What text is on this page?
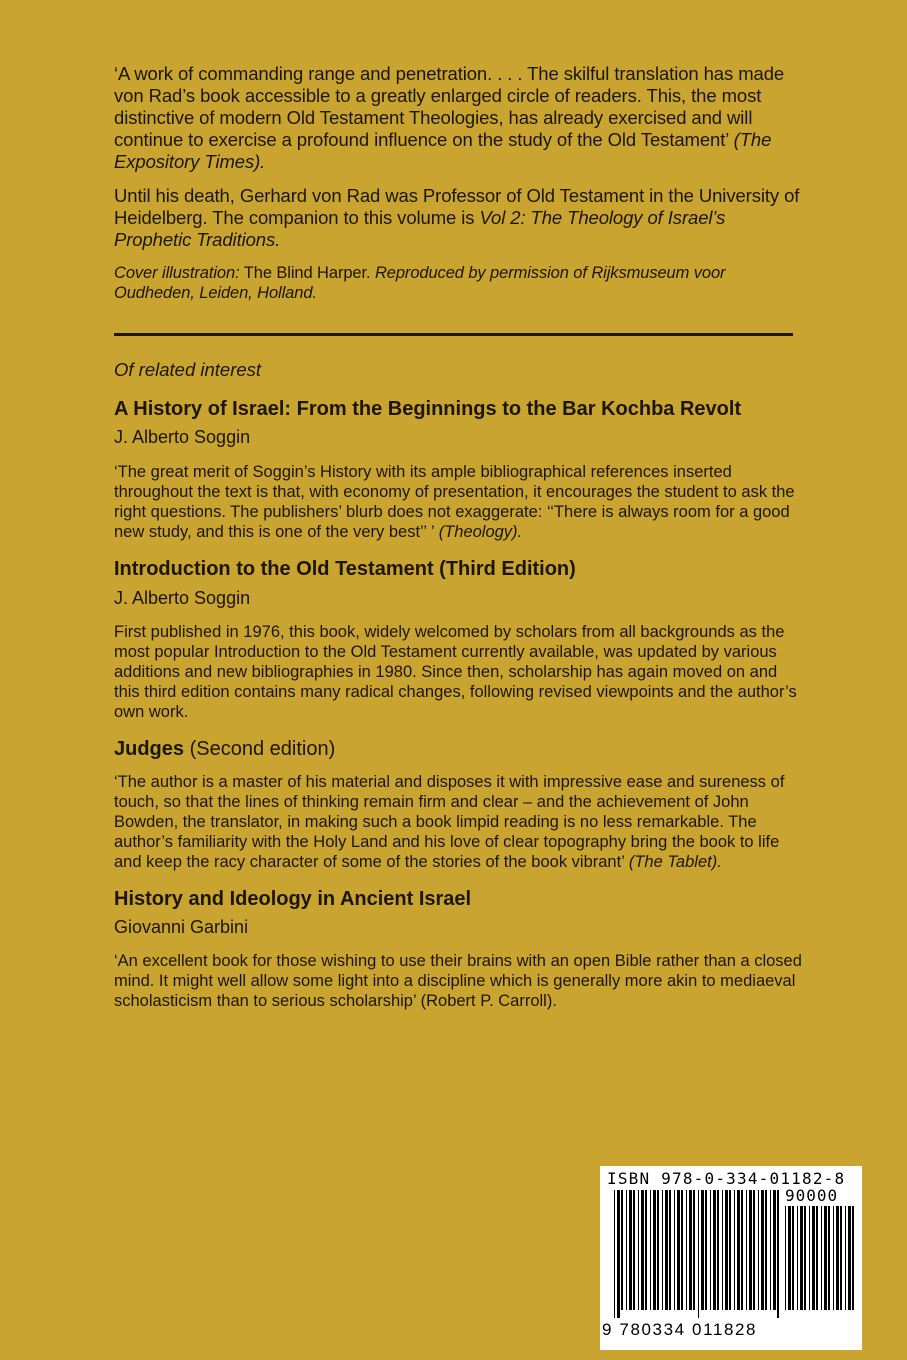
‘A work of commanding range and penetration. . . . The skilful translation has made von Rad’s book accessible to a greatly enlarged circle of readers. This, the most distinctive of modern Old Testament Theologies, has already exercised and will continue to exercise a profound influence on the study of the Old Testament’ (The Expository Times).
Until his death, Gerhard von Rad was Professor of Old Testament in the University of Heidelberg. The companion to this volume is Vol 2: The Theology of Israel’s Prophetic Traditions.
Cover illustration: The Blind Harper. Reproduced by permission of Rijksmuseum voor Oudheden, Leiden, Holland.
Of related interest
A History of Israel: From the Beginnings to the Bar Kochba Revolt
J. Alberto Soggin
‘The great merit of Soggin’s History with its ample bibliographical references inserted throughout the text is that, with economy of presentation, it encourages the student to ask the right questions. The publishers’ blurb does not exaggerate: ‘‘There is always room for a good new study, and this is one of the very best’’ ’ (Theology).
Introduction to the Old Testament (Third Edition)
J. Alberto Soggin
First published in 1976, this book, widely welcomed by scholars from all backgrounds as the most popular Introduction to the Old Testament currently available, was updated by various additions and new bibliographies in 1980. Since then, scholarship has again moved on and this third edition contains many radical changes, following revised viewpoints and the author’s own work.
Judges (Second edition)
‘The author is a master of his material and disposes it with impressive ease and sureness of touch, so that the lines of thinking remain firm and clear – and the achievement of John Bowden, the translator, in making such a book limpid reading is no less remarkable. The author’s familiarity with the Holy Land and his love of clear topography bring the book to life and keep the racy character of some of the stories of the book vibrant’ (The Tablet).
History and Ideology in Ancient Israel
Giovanni Garbini
‘An excellent book for those wishing to use their brains with an open Bible rather than a closed mind. It might well allow some light into a discipline which is generally more akin to mediaeval scholasticism than to serious scholarship’ (Robert P. Carroll).
ISBN 978-0-334-01182-8
90000
9 780334 011828
